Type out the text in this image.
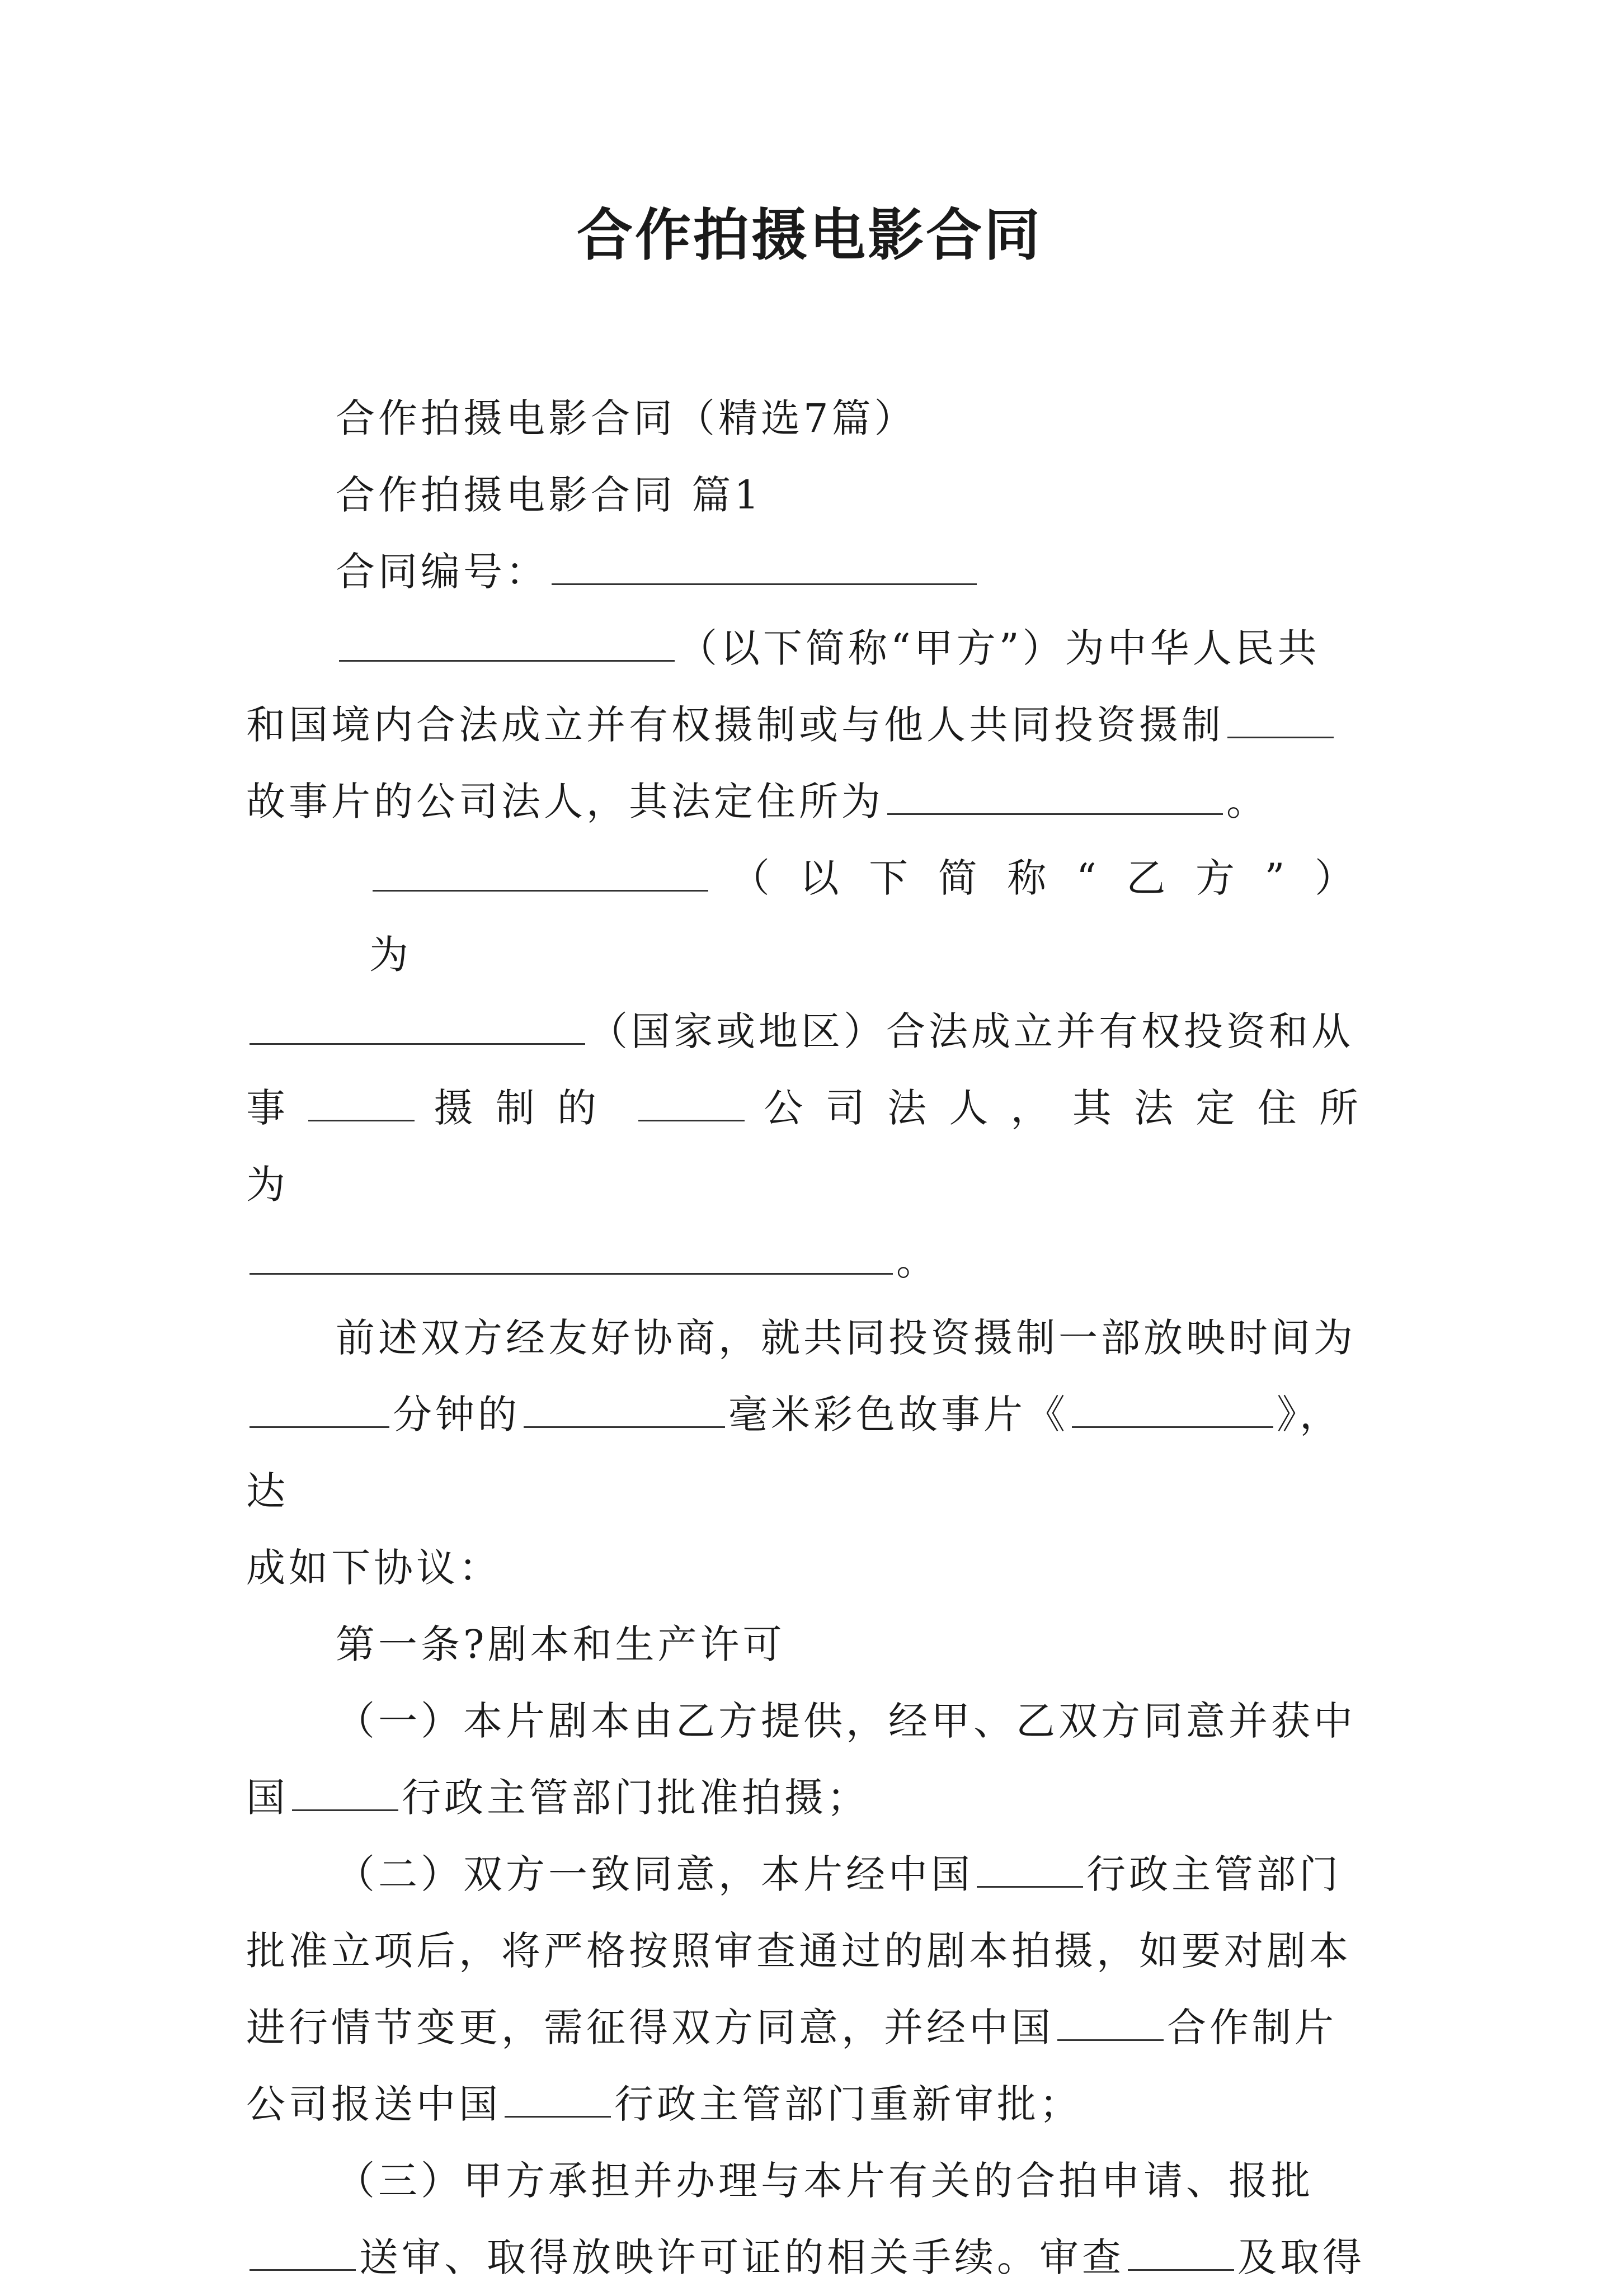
合作拍摄电影合同

合作拍摄电影合同（精选7篇）

合作拍摄电影合同 篇1

合同编号：

（以下简称“甲方”）为中华人民共

和国境内合法成立并有权摄制或与他人共同投资摄制

故事片的公司法人，其法定住所为	。

（以下简称“乙方”）为

（国家或地区）合法成立并有权投资和从

事	摄制的	公司法人，其法定住所为

。

前述双方经友好协商，就共同投资摄制一部放映时间为

分钟的	毫米彩色故事片《	》，达

成如下协议：

第一条?剧本和生产许可

（一）本片剧本由乙方提供，经甲、乙双方同意并获中

国	行政主管部门批准拍摄；

（二）双方一致同意，本片经中国	行政主管部门

批准立项后，将严格按照审查通过的剧本拍摄，如要对剧本

进行情节变更，需征得双方同意，并经中国	合作制片

公司报送中国	行政主管部门重新审批；

（三）甲方承担并办理与本片有关的合拍申请、报批

送审、取得放映许可证的相关手续。审查	及取得
